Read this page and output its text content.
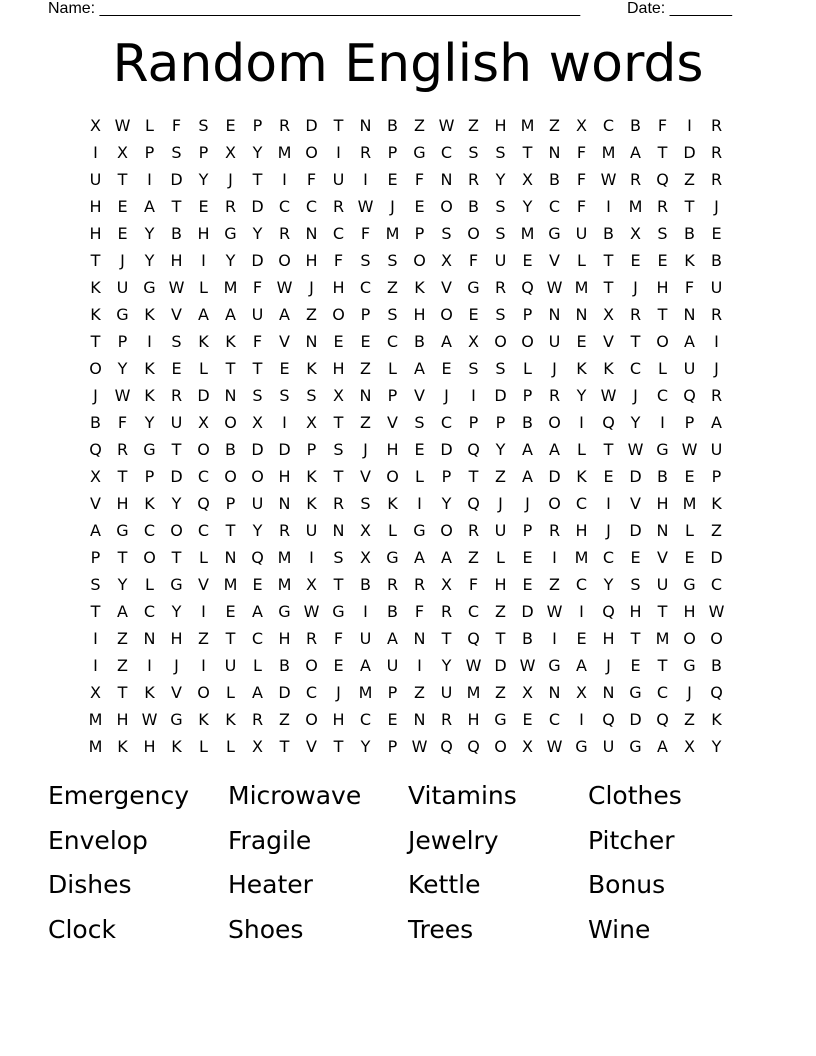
Name: ______________________________________________________	Date: _______
Random English words
X W L	F	S	E	P	R D T	N B	Z W Z H M Z	X C B	F	I	R
I	X	P	S	P	X	Y M O	I	R	P G C	S	S	T	N	F M A	T D R
U	T	I	D Y	J	T	I	F	U	I	E	F	N R	Y	X	B	F W R Q Z R
H E	A	T	E	R D C C R W	J	E O B	S	Y	C	F	I	M R	T	J
H E	Y	B H G Y	R N C	F M P	S O S M G U B	X	S	B	E
T	J	Y	H	I	Y D O H	F	S	S O X	F	U	E	V	L	T	E	E	K	B
K U G W L M F W	J	H C Z	K	V G R Q W M T	J	H	F	U
K G K	V	A	A U A	Z O P	S H O E	S	P	N N X R	T	N R
T	P	I	S	K	K	F	V N E	E	C B	A	X O O U	E	V	T O A	I
O Y	K	E	L	T	T	E	K H Z	L	A	E	S	S	L	J	K	K	C	L	U	J
J	W K	R D N S	S	S	X N	P	V	J	I	D	P	R	Y W	J	C Q R
B	F	Y	U X O X	I	X	T	Z	V	S	C	P	P	B O	I	Q Y	I	P	A
Q R G T O B D D	P	S	J	H E D Q Y	A	A	L	T W G W U
X	T	P	D C O O H K	T	V O	L	P	T	Z	A D K	E D B	E	P
V H K	Y Q P	U N K	R	S	K	I	Y Q	J	J	O C	I	V H M K
A G C O C	T	Y	R U N X	L	G O R U	P	R H	J	D N	L	Z
P	T O T	L	N Q M	I	S	X G A	A	Z	L	E	I	M C	E	V	E D
S	Y	L	G V M E M X	T	B R R X	F	H E	Z C	Y	S	U G C
T	A C	Y	I	E	A G W G	I	B	F	R C Z D W	I	Q H	T	H W
I	Z N H Z	T	C H R	F	U A N	T Q T	B	I	E H	T M O O
I	Z	I	J	I	U	L	B O E	A U	I	Y W D W G A	J	E	T G B
X	T	K	V O	L	A D C	J	M P	Z U M Z	X N X N G C	J	Q
M H W G K	K	R Z O H C	E N R H G E	C	I	Q D Q Z	K
M K H K	L	L	X	T	V	T	Y	P W Q Q O X W G U G A	X	Y
Emergency	Microwave	Vitamins	Clothes
Envelop	Fragile	Jewelry	Pitcher
Dishes	Heater	Kettle	Bonus
Clock	Shoes	Trees	Wine
